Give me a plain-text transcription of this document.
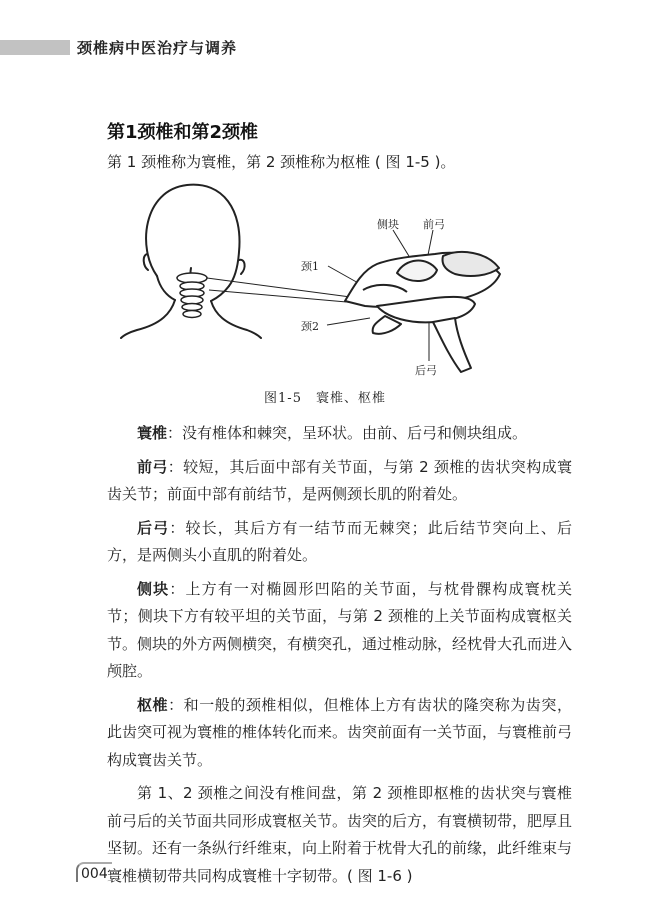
颈椎病中医治疗与调养
第1颈椎和第2颈椎
第 1 颈椎称为寰椎，第 2 颈椎称为枢椎 ( 图 1-5 )。
侧块 前弓
颈1
颈2
后弓
图1-5　寰椎、枢椎

寰椎：没有椎体和棘突，呈环状。由前、后弓和侧块组成。

前弓：较短，其后面中部有关节面，与第 2 颈椎的齿状突构成寰齿关节；前面中部有前结节，是两侧颈长肌的附着处。

后弓：较长，其后方有一结节而无棘突；此后结节突向上、后方，是两侧头小直肌的附着处。

侧块：上方有一对椭圆形凹陷的关节面，与枕骨髁构成寰枕关节；侧块下方有较平坦的关节面，与第 2 颈椎的上关节面构成寰枢关节。侧块的外方两侧横突，有横突孔，通过椎动脉，经枕骨大孔而进入颅腔。

枢椎：和一般的颈椎相似，但椎体上方有齿状的隆突称为齿突，此齿突可视为寰椎的椎体转化而来。齿突前面有一关节面，与寰椎前弓构成寰齿关节。

第 1、2 颈椎之间没有椎间盘，第 2 颈椎即枢椎的齿状突与寰椎前弓后的关节面共同形成寰枢关节。齿突的后方，有寰横韧带，肥厚且坚韧。还有一条纵行纤维束，向上附着于枕骨大孔的前缘，此纤维束与寰椎横韧带共同构成寰椎十字韧带。( 图 1-6 )

004
